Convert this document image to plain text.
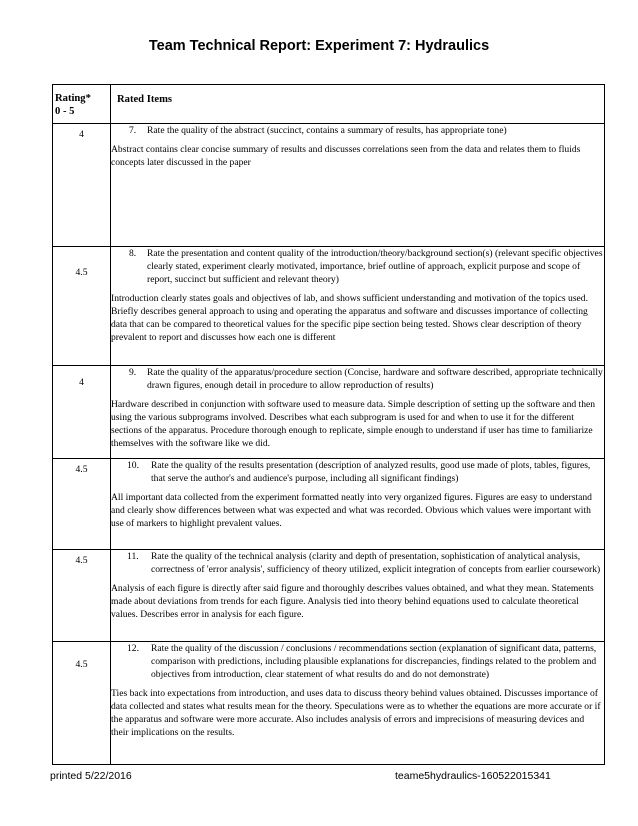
Team Technical Report: Experiment 7: Hydraulics
Rating*
0 - 5	Rated Items

4	7. Rate the quality of the abstract (succinct, contains a summary of results, has appropriate tone)

Abstract contains clear concise summary of results and discusses correlations seen from the data and relates them to fluids concepts later discussed in the paper

4.5	8. Rate the presentation and content quality of the introduction/theory/background section(s) (relevant specific objectives clearly stated, experiment clearly motivated, importance, brief outline of approach, explicit purpose and scope of report, succinct but sufficient and relevant theory)

Introduction clearly states goals and objectives of lab, and shows sufficient understanding and motivation of the topics used. Briefly describes general approach to using and operating the apparatus and software and discusses importance of collecting data that can be compared to theoretical values for the specific pipe section being tested. Shows clear description of theory prevalent to report and discusses how each one is different

4	9. Rate the quality of the apparatus/procedure section (Concise, hardware and software described, appropriate technically drawn figures, enough detail in procedure to allow reproduction of results)

Hardware described in conjunction with software used to measure data. Simple description of setting up the software and then using the various subprograms involved. Describes what each subprogram is used for and when to use it for the different sections of the apparatus. Procedure thorough enough to replicate, simple enough to understand if user has time to familiarize themselves with the software like we did.

4.5	10. Rate the quality of the results presentation (description of analyzed results, good use made of plots, tables, figures, that serve the author's and audience's purpose, including all significant findings)

All important data collected from the experiment formatted neatly into very organized figures. Figures are easy to understand and clearly show differences between what was expected and what was recorded. Obvious which values were important with use of markers to highlight prevalent values.

4.5	11. Rate the quality of the technical analysis (clarity and depth of presentation, sophistication of analytical analysis, correctness of 'error analysis', sufficiency of theory utilized, explicit integration of concepts from earlier coursework)

Analysis of each figure is directly after said figure and thoroughly describes values obtained, and what they mean. Statements made about deviations from trends for each figure. Analysis tied into theory behind equations used to calculate theoretical values. Describes error in analysis for each figure.

4.5	12. Rate the quality of the discussion / conclusions / recommendations section (explanation of significant data, patterns, comparison with predictions, including plausible explanations for discrepancies, findings related to the problem and objectives from introduction, clear statement of what results do and do not demonstrate)

Ties back into expectations from introduction, and uses data to discuss theory behind values obtained. Discusses importance of data collected and states what results mean for the theory. Speculations were as to whether the equations are more accurate or if the apparatus and software were more accurate. Also includes analysis of errors and imprecisions of measuring devices and their implications on the results.

printed 5/22/2016	teame5hydraulics-160522015341
